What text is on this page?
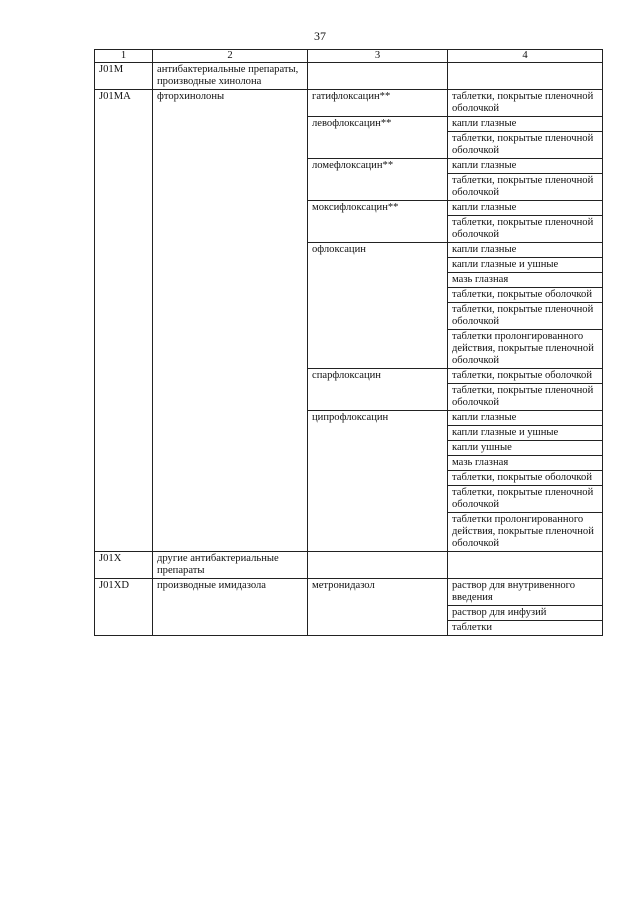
37
1	2	3	4
J01M	антибактериальные препараты, производные хинолона		
J01MA	фторхинолоны	гатифлоксацин**	таблетки, покрытые пленочной оболочкой
		левофлоксацин**	капли глазные
			таблетки, покрытые пленочной оболочкой
		ломефлоксацин**	капли глазные
			таблетки, покрытые пленочной оболочкой
		моксифлоксацин**	капли глазные
			таблетки, покрытые пленочной оболочкой
		офлоксацин	капли глазные
			капли глазные и ушные
			мазь глазная
			таблетки, покрытые оболочкой
			таблетки, покрытые пленочной оболочкой
			таблетки пролонгированного действия, покрытые пленочной оболочкой
		спарфлоксацин	таблетки, покрытые оболочкой
			таблетки, покрытые пленочной оболочкой
		ципрофлоксацин	капли глазные
			капли глазные и ушные
			капли ушные
			мазь глазная
			таблетки, покрытые оболочкой
			таблетки, покрытые пленочной оболочкой
			таблетки пролонгированного действия, покрытые пленочной оболочкой
J01X	другие антибактериальные препараты		
J01XD	производные имидазола	метронидазол	раствор для внутривенного введения
			раствор для инфузий
			таблетки
